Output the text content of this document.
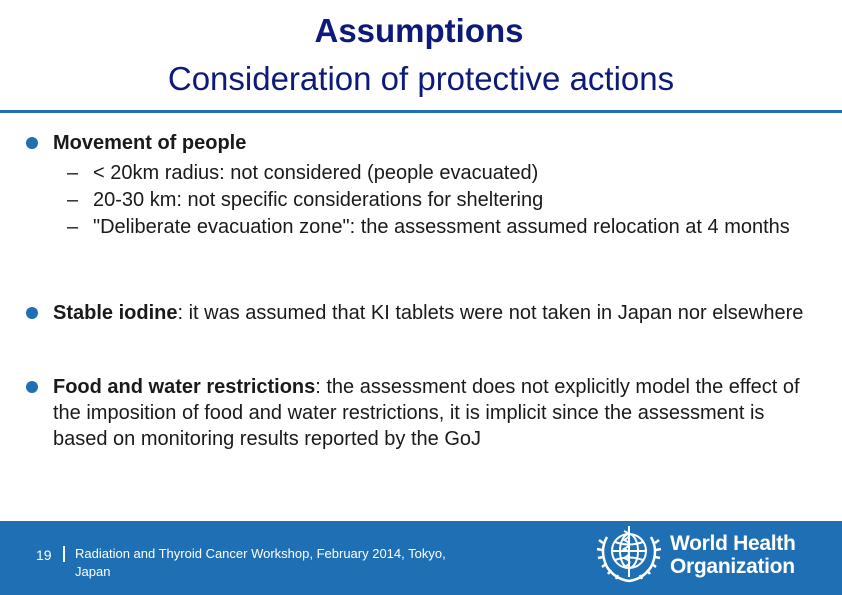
Assumptions
Consideration of protective actions
Movement of people
– < 20km radius: not considered (people evacuated)
– 20-30 km: not specific considerations for sheltering
– "Deliberate evacuation zone": the assessment assumed relocation at 4 months
Stable iodine: it was assumed that KI tablets were not taken in Japan nor elsewhere
Food and water restrictions: the assessment does not explicitly model the effect of the imposition of food and water restrictions, it is implicit since the assessment is based on monitoring results reported by the GoJ
19 Radiation and Thyroid Cancer Workshop, February 2014, Tokyo, Japan
World Health
Organization
